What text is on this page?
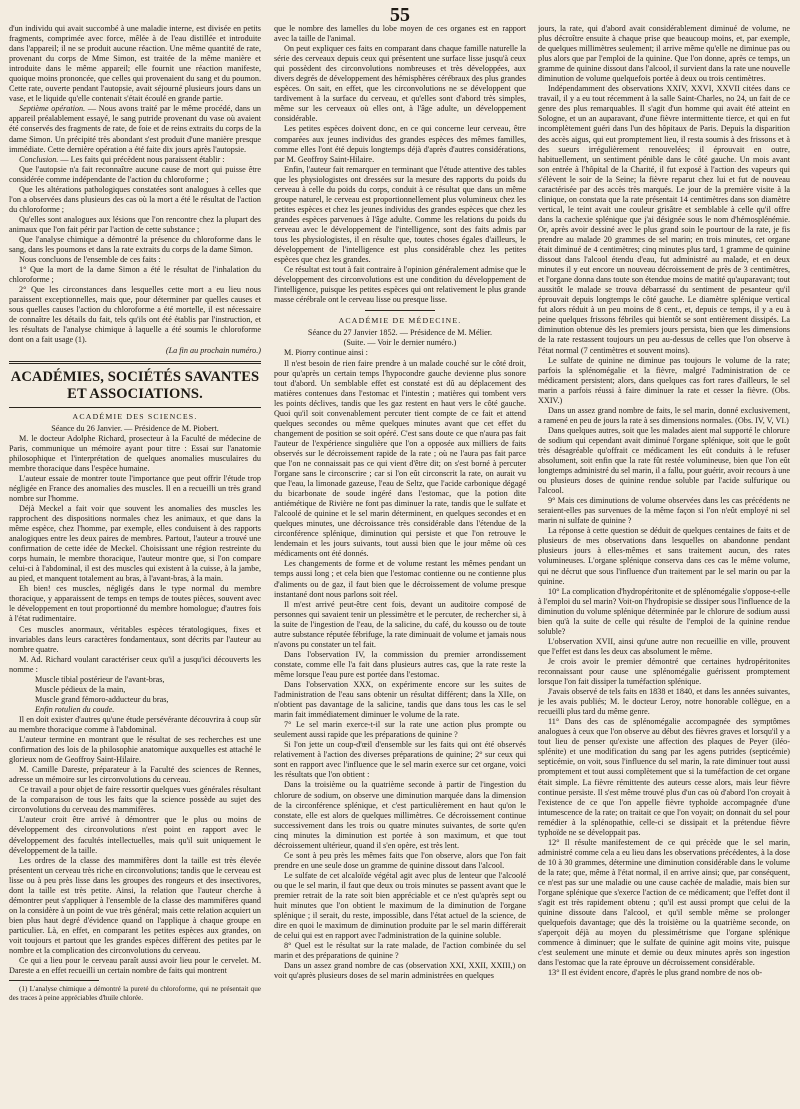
55

d'un individu qui avait succombé à une maladie interne, est divisée en petits fragments, comprimée avec force, mêlée à de l'eau distillée et introduite dans l'appareil; il ne se produit aucune réaction. Une même quantité de rate, provenant du corps de Mme Simon, est traitée de la même manière et introduite dans le même appareil; elle fournit une réaction manifeste, quoique moins prononcée, que celles qui provenaient du sang et du poumon. Cette rate, ouverte pendant l'autopsie, avait séjourné plusieurs jours dans un vase, et le liquide qu'elle contenait s'était écoulé en grande partie.

Septième opération. — Nous avons traité par le même procédé, dans un appareil préalablement essayé, le sang putride provenant du vase où avaient été conservés des fragments de rate, de foie et de reins extraits du corps de la dame Simon. Un précipité très abondant s'est produit d'une manière presque immédiate. Cette dernière opération a été faite dix jours après l'autopsie.

Conclusion. — Les faits qui précèdent nous paraissent établir :

Que l'autopsie n'a fait reconnaître aucune cause de mort qui puisse être considérée comme indépendante de l'action du chloroforme ;

Que les altérations pathologiques constatées sont analogues à celles que l'on a observées dans plusieurs des cas où la mort a été le résultat de l'action du chloroforme ;

Qu'elles sont analogues aux lésions que l'on rencontre chez la plupart des animaux que l'on fait périr par l'action de cette substance ;

Que l'analyse chimique a démontré la présence du chloroforme dans le sang, dans les poumons et dans la rate extraits du corps de la dame Simon.

Nous concluons de l'ensemble de ces faits :

1° Que la mort de la dame Simon a été le résultat de l'inhalation du chloroforme ;

2° Que les circonstances dans lesquelles cette mort a eu lieu nous paraissent exceptionnelles, mais que, pour déterminer par quelles causes et sous quelles causes l'action du chloroforme a été mortelle, il est nécessaire de connaître les détails du fait, tels qu'ils ont été établis par l'instruction, et les résultats de l'analyse chimique à laquelle a été soumis le chloroforme dont on a fait usage (1).

(La fin au prochain numéro.)

ACADÉMIES, SOCIÉTÉS SAVANTES ET ASSOCIATIONS.
ACADÉMIE DES SCIENCES.

Séance du 26 Janvier. — Présidence de M. Piobert.

M. le docteur Adolphe Richard, prosecteur à la Faculté de médecine de Paris, communique un mémoire ayant pour titre : Essai sur l'anatomie philosophique et l'interprétation de quelques anomalies musculaires du membre thoracique dans l'espèce humaine.

L'auteur essaie de montrer toute l'importance que peut offrir l'étude trop négligée en France des anomalies des muscles. Il en a recueilli un très grand nombre sur l'homme.

Déjà Meckel a fait voir que souvent les anomalies des muscles les rapprochent des dispositions normales chez les animaux, et que dans la même espèce, chez l'homme, par exemple, elles conduisent à des rapports analogiques entre les deux paires de membres. Partout, l'auteur a trouvé une confirmation de cette idée de Meckel. Choisissant une région restreinte du corps humain, le membre thoracique, l'auteur montre que, si l'on compare celui-ci à l'abdominal, il est des muscles qui existent à la cuisse, à la jambe, au pied, et manquent totalement au bras, à l'avant-bras, à la main.

Eh bien! ces muscles, négligés dans le type normal du membre thoracique, y apparaissent de temps en temps de toutes pièces, souvent avec le développement en tout proportionné du membre homologue; d'autres fois à l'état rudimentaire.

Ces muscles anormaux, véritables espèces tératologiques, fixes et invariables dans leurs caractères fondamentaux, sont décrits par l'auteur au nombre quatre.

M. Ad. Richard voulant caractériser ceux qu'il a jusqu'ici découverts les nomme :

Muscle tibial postérieur de l'avant-bras,

Muscle pédieux de la main,

Muscle grand fémoro-adducteur du bras,

Enfin rotulien du coude.

Il en doit exister d'autres qu'une étude persévérante découvrira à coup sûr au membre thoracique comme à l'abdominal.

L'auteur termine en montrant que le résultat de ses recherches est une confirmation des lois de la philosophie anatomique auxquelles est attaché le glorieux nom de Geoffroy Saint-Hilaire.

M. Camille Dareste, préparateur à la Faculté des sciences de Rennes, adresse un mémoire sur les circonvolutions du cerveau.

Ce travail a pour objet de faire ressortir quelques vues générales résultant de la comparaison de tous les faits que la science possède au sujet des circonvolutions du cerveau des mammifères.

L'auteur croit être arrivé à démontrer que le plus ou moins de développement des circonvolutions n'est point en rapport avec le développement des facultés intellectuelles, mais qu'il suit uniquement le développement de la taille.

Les ordres de la classe des mammifères dont la taille est très élevée présentent un cerveau très riche en circonvolutions; tandis que le cerveau est lisse ou à peu près lisse dans les groupes des rongeurs et des insectivores, dont la taille est très petite. Ainsi, la relation que l'auteur cherche à démontrer peut s'appliquer à l'ensemble de la classe des mammifères quand on la considère à un point de vue très général; mais cette relation acquiert un bien plus haut degré d'évidence quand on l'applique à chaque groupe en particulier. Là, en effet, en comparant les petites espèces aux grandes, on voit toujours et partout que les grandes espèces diffèrent des petites par le nombre et la complication des circonvolutions du cerveau.

Ce qui a lieu pour le cerveau paraît aussi avoir lieu pour le cervelet. M. Dareste a en effet recueilli un certain nombre de faits qui montrent

(1) L'analyse chimique a démontré la pureté du chloroforme, qui ne présentait que des traces à peine appréciables d'huile chlorée.

que le nombre des lamelles du lobe moyen de ces organes est en rapport avec la taille de l'animal.

On peut expliquer ces faits en comparant dans chaque famille naturelle la série des cerveaux depuis ceux qui présentent une surface lisse jusqu'à ceux qui possèdent des circonvolutions nombreuses et très développées, aux divers degrés de développement des hémisphères cérébraux des plus grandes espèces. On sait, en effet, que les circonvolutions ne se développent que tardivement à la surface du cerveau, et qu'elles sont d'abord très simples, même sur les cerveaux où elles ont, à l'âge adulte, un développement considérable.

Les petites espèces doivent donc, en ce qui concerne leur cerveau, être comparées aux jeunes individus des grandes espèces des mêmes familles, comme elles l'ont été depuis longtemps déjà d'après d'autres considérations, par M. Geoffroy Saint-Hilaire.

Enfin, l'auteur fait remarquer en terminant que l'étude attentive des tables que les physiologistes ont dressées sur la mesure des rapports du poids du cerveau à celle du poids du corps, conduit à ce résultat que dans un même groupe naturel, le cerveau est proportionnellement plus volumineux chez les petites espèces et chez les jeunes individus des grandes espèces que chez les grandes espèces parvenues à l'âge adulte. Comme les relations du poids du cerveau avec le développement de l'intelligence, sont des faits admis par tous les physiologistes, il en résulte que, toutes choses égales d'ailleurs, le développement de l'intelligence est plus considérable chez les petites espèces que chez les grandes.

Ce résultat est tout à fait contraire à l'opinion généralement admise que le développement des circonvolutions est une condition du développement de l'intelligence, puisque les petites espèces qui ont relativement le plus grande masse cérébrale ont le cerveau lisse ou presque lisse.

ACADÉMIE DE MÉDECINE.

Séance du 27 Janvier 1852. — Présidence de M. Mélier.

(Suite. — Voir le dernier numéro.)

M. Piorry continue ainsi :

Il n'est besoin de rien faire prendre à un malade couché sur le côté droit, pour qu'après un certain temps l'hypocondre gauche devienne plus sonore tout d'abord. Un semblable effet est constaté est dû au déplacement des matières contenues dans l'estomac et l'intestin ; matières qui tombent vers les points déclives, tandis que les gaz restent en haut vers le côté gauche. Quoi qu'il soit convenablement percuter tient compte de ce fait et attend quelques secondes ou même quelques minutes avant que cet effet du changement de position se soit opéré. C'est sans doute ce que n'aura pas fait l'auteur de l'expérience singulière que l'on a opposée aux milliers de faits observés sur le décroissement rapide de la rate ; où ne l'aura pas fait parce que l'on ne connaissait pas ce qui vient d'être dit; on s'est borné à percuter l'organe sans le circonscrire ; car si l'on eût circonscrit la rate, on aurait vu que l'eau, la limonade gazeuse, l'eau de Seltz, que l'acide carbonique dégagé du bicarbonate de soude ingéré dans l'estomac, que la potion dite antiémétique de Rivière ne font pas diminuer la rate, tandis que le sulfate et l'alcoolé de quinine et le sel marin déterminent, en quelques secondes et en quelques minutes, une décroissance très considérable dans l'étendue de la circonférence splénique, diminution qui persiste et que l'on retrouve le lendemain et les jours suivants, tout aussi bien que le jour même où ces médicaments ont été donnés.

Les changements de forme et de volume restant les mêmes pendant un temps aussi long ; et cela bien que l'estomac contienne ou ne contienne plus d'aliments ou de gaz, il faut bien que le décroissement de volume presque instantané dont nous parlons soit réel.

Il m'est arrivé peut-être cent fois, devant un auditoire composé de personnes qui savaient tenir un plessimètre et le percuter, de rechercher si, à la suite de l'ingestion de l'eau, de la salicine, du café, du kousso ou de toute autre substance réputée fébrifuge, la rate diminuait de volume et jamais nous n'avons pu constater un tel fait.

Dans l'observation IV, la commission du premier arrondissement constate, comme elle l'a fait dans plusieurs autres cas, que la rate reste la même lorsque l'eau pure est portée dans l'estomac.

Dans l'observation XXX, on expérimente encore sur les suites de l'administration de l'eau sans obtenir un résultat différent; dans la XIIe, on n'obtient pas davantage de la salicine, tandis que dans tous les cas le sel marin fait immédiatement diminuer le volume de la rate.

7° Le sel marin exerce-t-il sur la rate une action plus prompte ou seulement aussi rapide que les préparations de quinine ?

Si l'on jette un coup-d'œil d'ensemble sur les faits qui ont été observés relativement à l'action des diverses préparations de quinine; 2° sur ceux qui sont en rapport avec l'influence que le sel marin exerce sur cet organe, voici les résultats que l'on obtient :

Dans la troisième ou la quatrième seconde à partir de l'ingestion du chlorure de sodium, on observe une diminution marquée dans la dimension de la circonférence splénique, et c'est particulièrement en haut qu'on le constate, elle est alors de quelques millimètres. Ce décroissement continue successivement dans les trois ou quatre minutes suivantes, de sorte qu'en cinq minutes la diminution est portée à son maximum, et que tout décroissement ultérieur, quand il s'en opère, est très lent.

Ce sont à peu près les mêmes faits que l'on observe, alors que l'on fait prendre en une seule dose un gramme de quinine dissout dans l'alcool.

Le sulfate de cet alcaloïde végétal agit avec plus de lenteur que l'alcoolé ou que le sel marin, il faut que deux ou trois minutes se passent avant que le premier retrait de la rate soit bien appréciable et ce n'est qu'après sept ou huit minutes que l'on obtient le maximum de la diminution de l'organe splénique ; il serait, du reste, impossible, dans l'état actuel de la science, de dire en quoi le maximum de diminution produite par le sel marin différerait de celui qui est en rapport avec l'administration de la quinine soluble.

8° Quel est le résultat sur la rate malade, de l'action combinée du sel marin et des préparations de quinine ?

Dans un assez grand nombre de cas (observation XXI, XXII, XXIII,) on voit qu'après plusieurs doses de sel marin administrées en quelques

jours, la rate, qui d'abord avait considérablement diminué de volume, ne plus décroître ensuite à chaque prise que beaucoup moins, et, par exemple, de quelques millimètres seulement; il arrive même qu'elle ne diminue pas ou plus alors que par l'emploi de la quinine. Que l'on donne, après ce temps, un gramme de quinine dissout dans l'alcool, il survient dans la rate une nouvelle diminution de volume quelquefois portée à deux ou trois centimètres.

Indépendamment des observations XXIV, XXVI, XXVII citées dans ce travail, il y a eu tout récemment à la salle Saint-Charles, no 24, un fait de ce genre des plus remarquables. Il s'agit d'un homme qui avait été atteint en Sologne, et un an auparavant, d'une fièvre intermittente tierce, et qui en fut incomplètement guéri dans l'un des hôpitaux de Paris. Depuis la disparition des accès aigus, qui eut promptement lieu, il resta soumis à des frissons et à des sueurs irrégulièrement renouvelées; il éprouvait en outre, habituellement, un sentiment pénible dans le côté gauche. Un mois avant son entrée à l'hôpital de la Charité, il fut exposé à l'action des vapeurs qui s'élèvent le soir de la Seine; la fièvre reparut chez lui et fut de nouveau caractérisée par des accès très marqués. Le jour de la première visite à la clinique, on constata que la rate présentait 14 centimètres dans son diamètre vertical, le teint avait une couleur grisâtre et semblable à celle qu'il offre dans la cachexie splénique que j'ai désignée sous le nom d'hémosplénémie. Or, après avoir dessiné avec le plus grand soin le pourtour de la rate, je fis prendre au malade 20 grammes de sel marin; en trois minutes, cet organe était diminué de 4 centimètres; cinq minutes plus tard, 1 gramme de quinine dissout dans l'alcool étendu d'eau, fut administré au malade, et en deux minutes il y eut encore un nouveau décroissement de près de 3 centimètres, et l'organe donna dans toute son étendue moins de matité qu'auparavant; tout aussitôt le malade se trouva débarrassé du sentiment de pesanteur qu'il éprouvait depuis longtemps le côté gauche. Le diamètre splénique vertical fut alors réduit à un peu moins de 8 cent., et, depuis ce temps, il y a eu à peine quelques frissons fébriles qui bientôt se sont entièrement dissipés. La diminution obtenue dès les premiers jours persista, bien que les dimensions de la rate restassent toujours un peu au-dessus de celles que l'on observe à l'état normal (7 centimètres et souvent moins).

Le sulfate de quinine ne diminue pas toujours le volume de la rate; parfois la splénomégalie et la fièvre, malgré l'administration de ce médicament persistent; alors, dans quelques cas fort rares d'ailleurs, le sel marin a parfois réussi à faire diminuer la rate et cesser la fièvre. (Obs. XXIV.)

Dans un assez grand nombre de faits, le sel marin, donné exclusivement, a ramené en peu de jours la rate à ses dimensions normales. (Obs. IV, V, VI.)

Dans quelques autres, soit que les malades aient mal supporté le chlorure de sodium qui cependant avait diminué l'organe splénique, soit que le goût très désagréable qu'offrait ce médicament les eût conduits à le refuser absolument, soit enfin que la rate fût restée volumineuse, bien que l'on eût longtemps administré du sel marin, il a fallu, pour guérir, avoir recours à une ou plusieurs doses de quinine rendue soluble par l'acide sulfurique ou l'alcool.

9° Mais ces diminutions de volume observées dans les cas précédents ne seraient-elles pas survenues de la même façon si l'on n'eût employé ni sel marin ni sulfate de quinine ?

La réponse à cette question se déduit de quelques centaines de faits et de plusieurs de mes observations dans lesquelles on abandonne pendant plusieurs jours à elles-mêmes et sans traitement aucun, des rates volumineuses. L'organe splénique conserva dans ces cas le même volume, qui ne décrut que sous l'influence d'un traitement par le sel marin ou par la quinine.

10° La complication d'hydropéritonite et de splénomégalie s'oppose-t-elle à l'emploi du sel marin? Voit-on l'hydropisie se dissiper sous l'influence de la diminution du volume splénique déterminée par le chlorure de sodium aussi bien qu'à la suite de celle qui résulte de l'emploi de la quinine rendue soluble?

L'observation XVII, ainsi qu'une autre non recueillie en ville, prouvent que l'effet est dans les deux cas absolument le même.

Je crois avoir le premier démontré que certaines hydropéritonites reconnaissant pour cause une splénomégalie guérissent promptement lorsque l'on fait dissiper la tuméfaction splénique.

J'avais observé de tels faits en 1838 et 1840, et dans les années suivantes, je les avais publiés; M. le docteur Leroy, notre honorable collègue, en a recueilli plus tard du même genre.

11° Dans des cas de splénomégalie accompagnée des symptômes analogues à ceux que l'on observe au début des fièvres graves et lorsqu'il y a tout lieu de penser qu'existe une affection des plaques de Peyer (iléo-splénite) et une modification du sang par les agens putrides (septicémie) septicémie, on voit, sous l'influence du sel marin, la rate diminuer tout aussi promptement et tout aussi complètement que si la tuméfaction de cet organe était simple. La fièvre rémittente des auteurs cesse alors, mais leur fièvre continue persiste. Il s'est même trouvé plus d'un cas où d'abord l'on croyait à l'existence de ce que l'on appelle fièvre typhoïde accompagnée d'une intumescence de la rate; on traitait ce que l'on voyait; on donnait du sel pour remédier à la splénopathie, celle-ci se dissipait et la prétendue fièvre typhoïde ne se développait pas.

12° Il résulte manifestement de ce qui précède que le sel marin, administré comme cela a eu lieu dans les observations précédentes, à la dose de 10 à 30 grammes, détermine une diminution considérable dans le volume de la rate; que, même à l'état normal, il en arrive ainsi; que, par conséquent, ce n'est pas sur une maladie ou une cause cachée de maladie, mais bien sur l'organe splénique que s'exerce l'action de ce médicament; que l'effet dont il s'agit est très rapidement obtenu ; qu'il est aussi prompt que celui de la quinine dissoute dans l'alcool, et qu'il semble même se prolonger quelquefois davantage; que dès la troisième ou la quatrième seconde, on s'aperçoit déjà au moyen du plessimétrisme que l'organe splénique commence à diminuer; que le sulfate de quinine agit moins vite, puisque c'est seulement une minute et demie ou deux minutes après son ingestion dans l'estomac que la rate éprouve un décroissement considérable.

13° Il est évident encore, d'après le plus grand nombre de nos ob-
